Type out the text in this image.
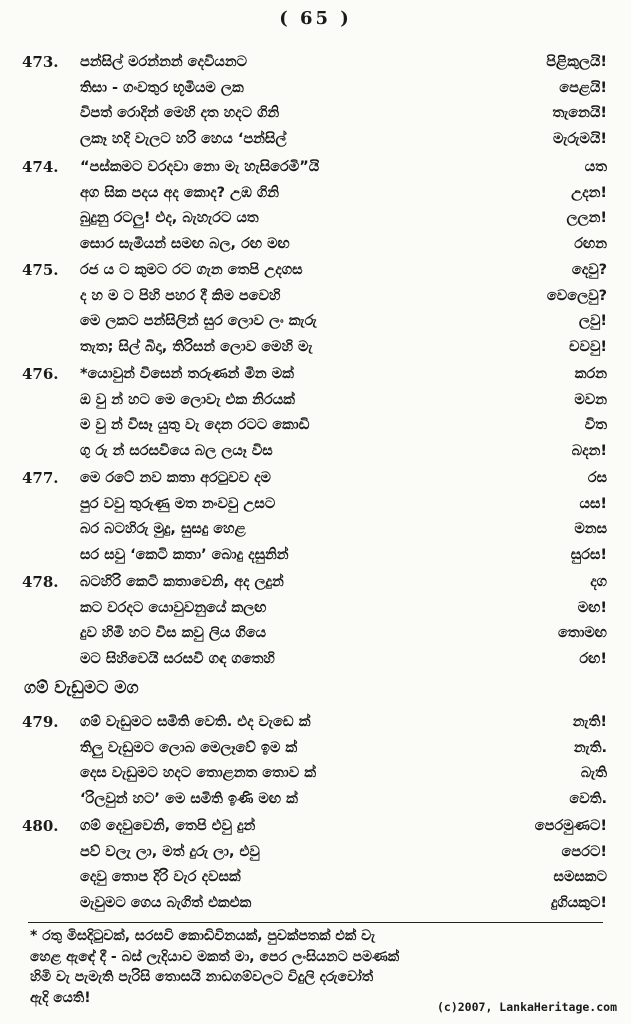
( 65 )
473. පන්සිල් මරන්නන් දෙවියනට	පිළිකුලයි!
තිසා - ගංවතුර භූමියම ලක	පෙළයි!
විපත් රොදින් මෙහි දත හදට ගිනි	තැනෙයි!
ලකෑ හදි වැලට හරි හෙය ‘පන්සිල්	මැරුමයි!
474. “පස්කමට වරදවා නො මැ හැසිරෙමි”යි	යත
අග සික පදය අද කොද? උඹ ගිනි	උදන!
බුදුනු රටලු! එද, බැහැරට යත	ලලන!
සොර සැමියන් සමඟ බල, රඟ මඟ	රඟන
475. රජ ය ට කුමට රට ගැන තෙපි උදගස	දෙවු?
ද හ ම ට පිහි පහර දී කිම පවෙහි	වෙලෙවු?
මෙ ලකට පන්සිලින් සුර ලොව ලං කැරු	ලවු!
තැත; සිල් බිදා, තිරිසන් ලොව මෙහි මැ	චවවු!
476. *යොවුන් විසෙන් තරුණන් මින මක්	කරන
ඔ වු න් හට මෙ ලොවැ එක නිරයක්	මවන
ම වු න් විසෑ යුතු වැ දෙන රටට කොඩි	විත
ගු රු න් සරසවියෙ බල ලයෑ විස	බදන!
477. මෙ රටේ නව කතා අරටුවව දම	රස
පුර වවු තුරුණු මත නංවවු උසට	යස!
බර බටහිරු මුදු, සුසදු හෙළ	මනස
සර සවු ‘කෙටි කතා’ බොදු දසුනින්	සුරස!
478. බටහිරි කෙටි කතාවෙනි, අද ලදුන්	දග
කට වරදට යොවුවනුයේ කලඟ	මඟ!
දුව හිමි හට විස කවු ලිය ගියෙ	තොමඟ
මට සිහිවෙයි සරසවි ගඳ ගතෙහි	රඟ!
ගම් වැඩුමට මග
479. ගම් වැඩුමට සමිති වෙති. එද වැඩෙ ක්	නැති!
තිලු වැඩුමට ලොබ මෙලෑවේ ඉම ක්	නැති.
දෙස වැඩුමට හදට තොළනත තොව ක්	බැති
‘රිලවුන් හට’ මෙ සමිති ඉණි මඟ ක්	වෙති.
480. ගම් දෙවුවෙනි, තෙපි එවු දුන්	පෙරමුණට!
පව් වලැ ලා, මත් දුරු ලා, එවු	පෙරට!
දෙවු තොප දිරි වැර දවසක්	සමසකට
මැවුමට ගෙය බැගිත් එකඑක	දුගියකුට!
* රතු මිසදිටුවක්, සරසවි කොඩිවිනයක්, පුවක්පතක් එක් වැ
හෙළ ඇඳේ දී - බස් ලැදියාව මකත් මා, පෙර ලංසියනට පමණක්
හිමි වැ පැමැති පැරිසි තොසයි නාඩගම්වලට විදුලි දරුවෝත්
ඇදි යෙති!
(c)2007, LankaHeritage.com
